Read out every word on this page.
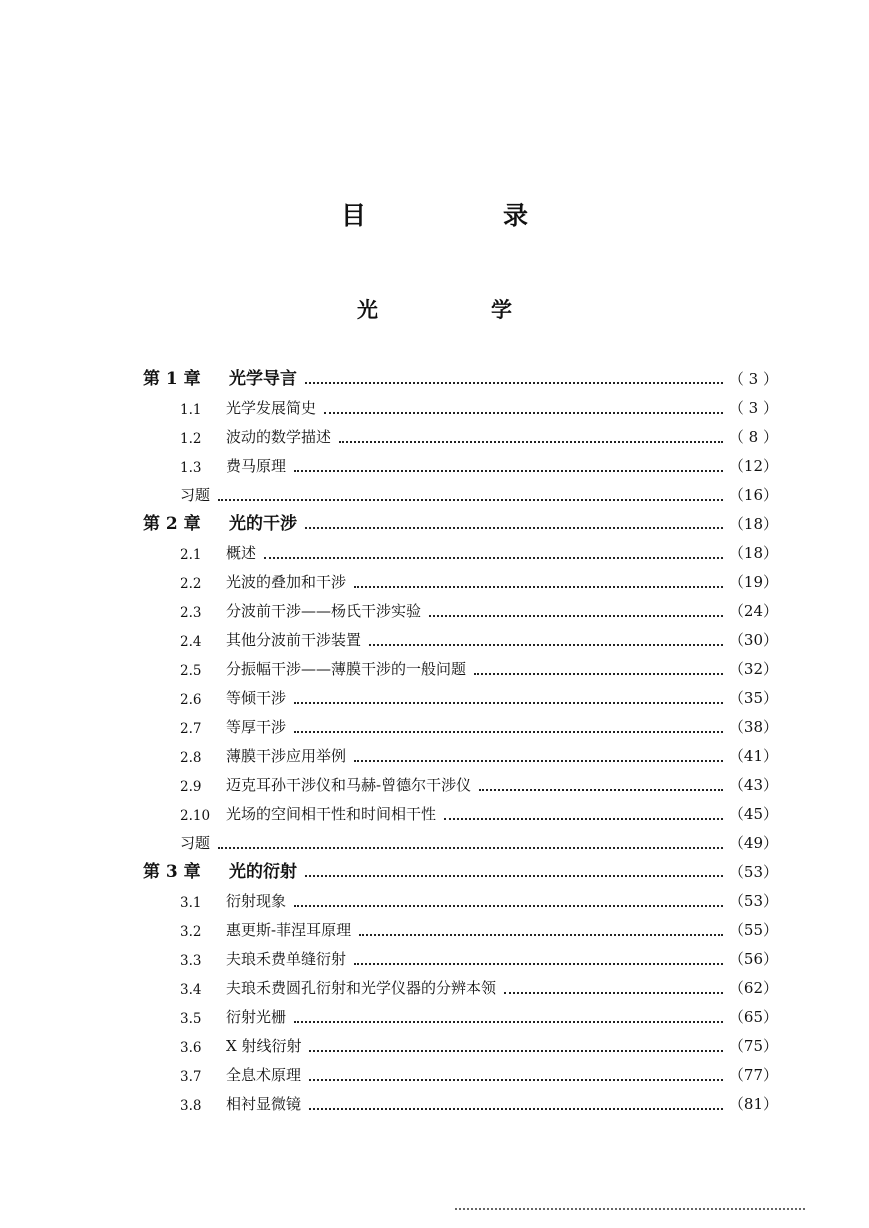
目　录
光　学
第 1 章	光学导言	（ 3 ）
1.1	光学发展简史	（ 3 ）
1.2	波动的数学描述	（ 8 ）
1.3	费马原理	（12）
习题	（16）
第 2 章	光的干涉	（18）
2.1	概述	（18）
2.2	光波的叠加和干涉	（19）
2.3	分波前干涉——杨氏干涉实验	（24）
2.4	其他分波前干涉装置	（30）
2.5	分振幅干涉——薄膜干涉的一般问题	（32）
2.6	等倾干涉	（35）
2.7	等厚干涉	（38）
2.8	薄膜干涉应用举例	（41）
2.9	迈克耳孙干涉仪和马赫-曾德尔干涉仪	（43）
2.10	光场的空间相干性和时间相干性	（45）
习题	（49）
第 3 章	光的衍射	（53）
3.1	衍射现象	（53）
3.2	惠更斯-菲涅耳原理	（55）
3.3	夫琅禾费单缝衍射	（56）
3.4	夫琅禾费圆孔衍射和光学仪器的分辨本领	（62）
3.5	衍射光栅	（65）
3.6	X 射线衍射	（75）
3.7	全息术原理	（77）
3.8	相衬显微镜	（81）
